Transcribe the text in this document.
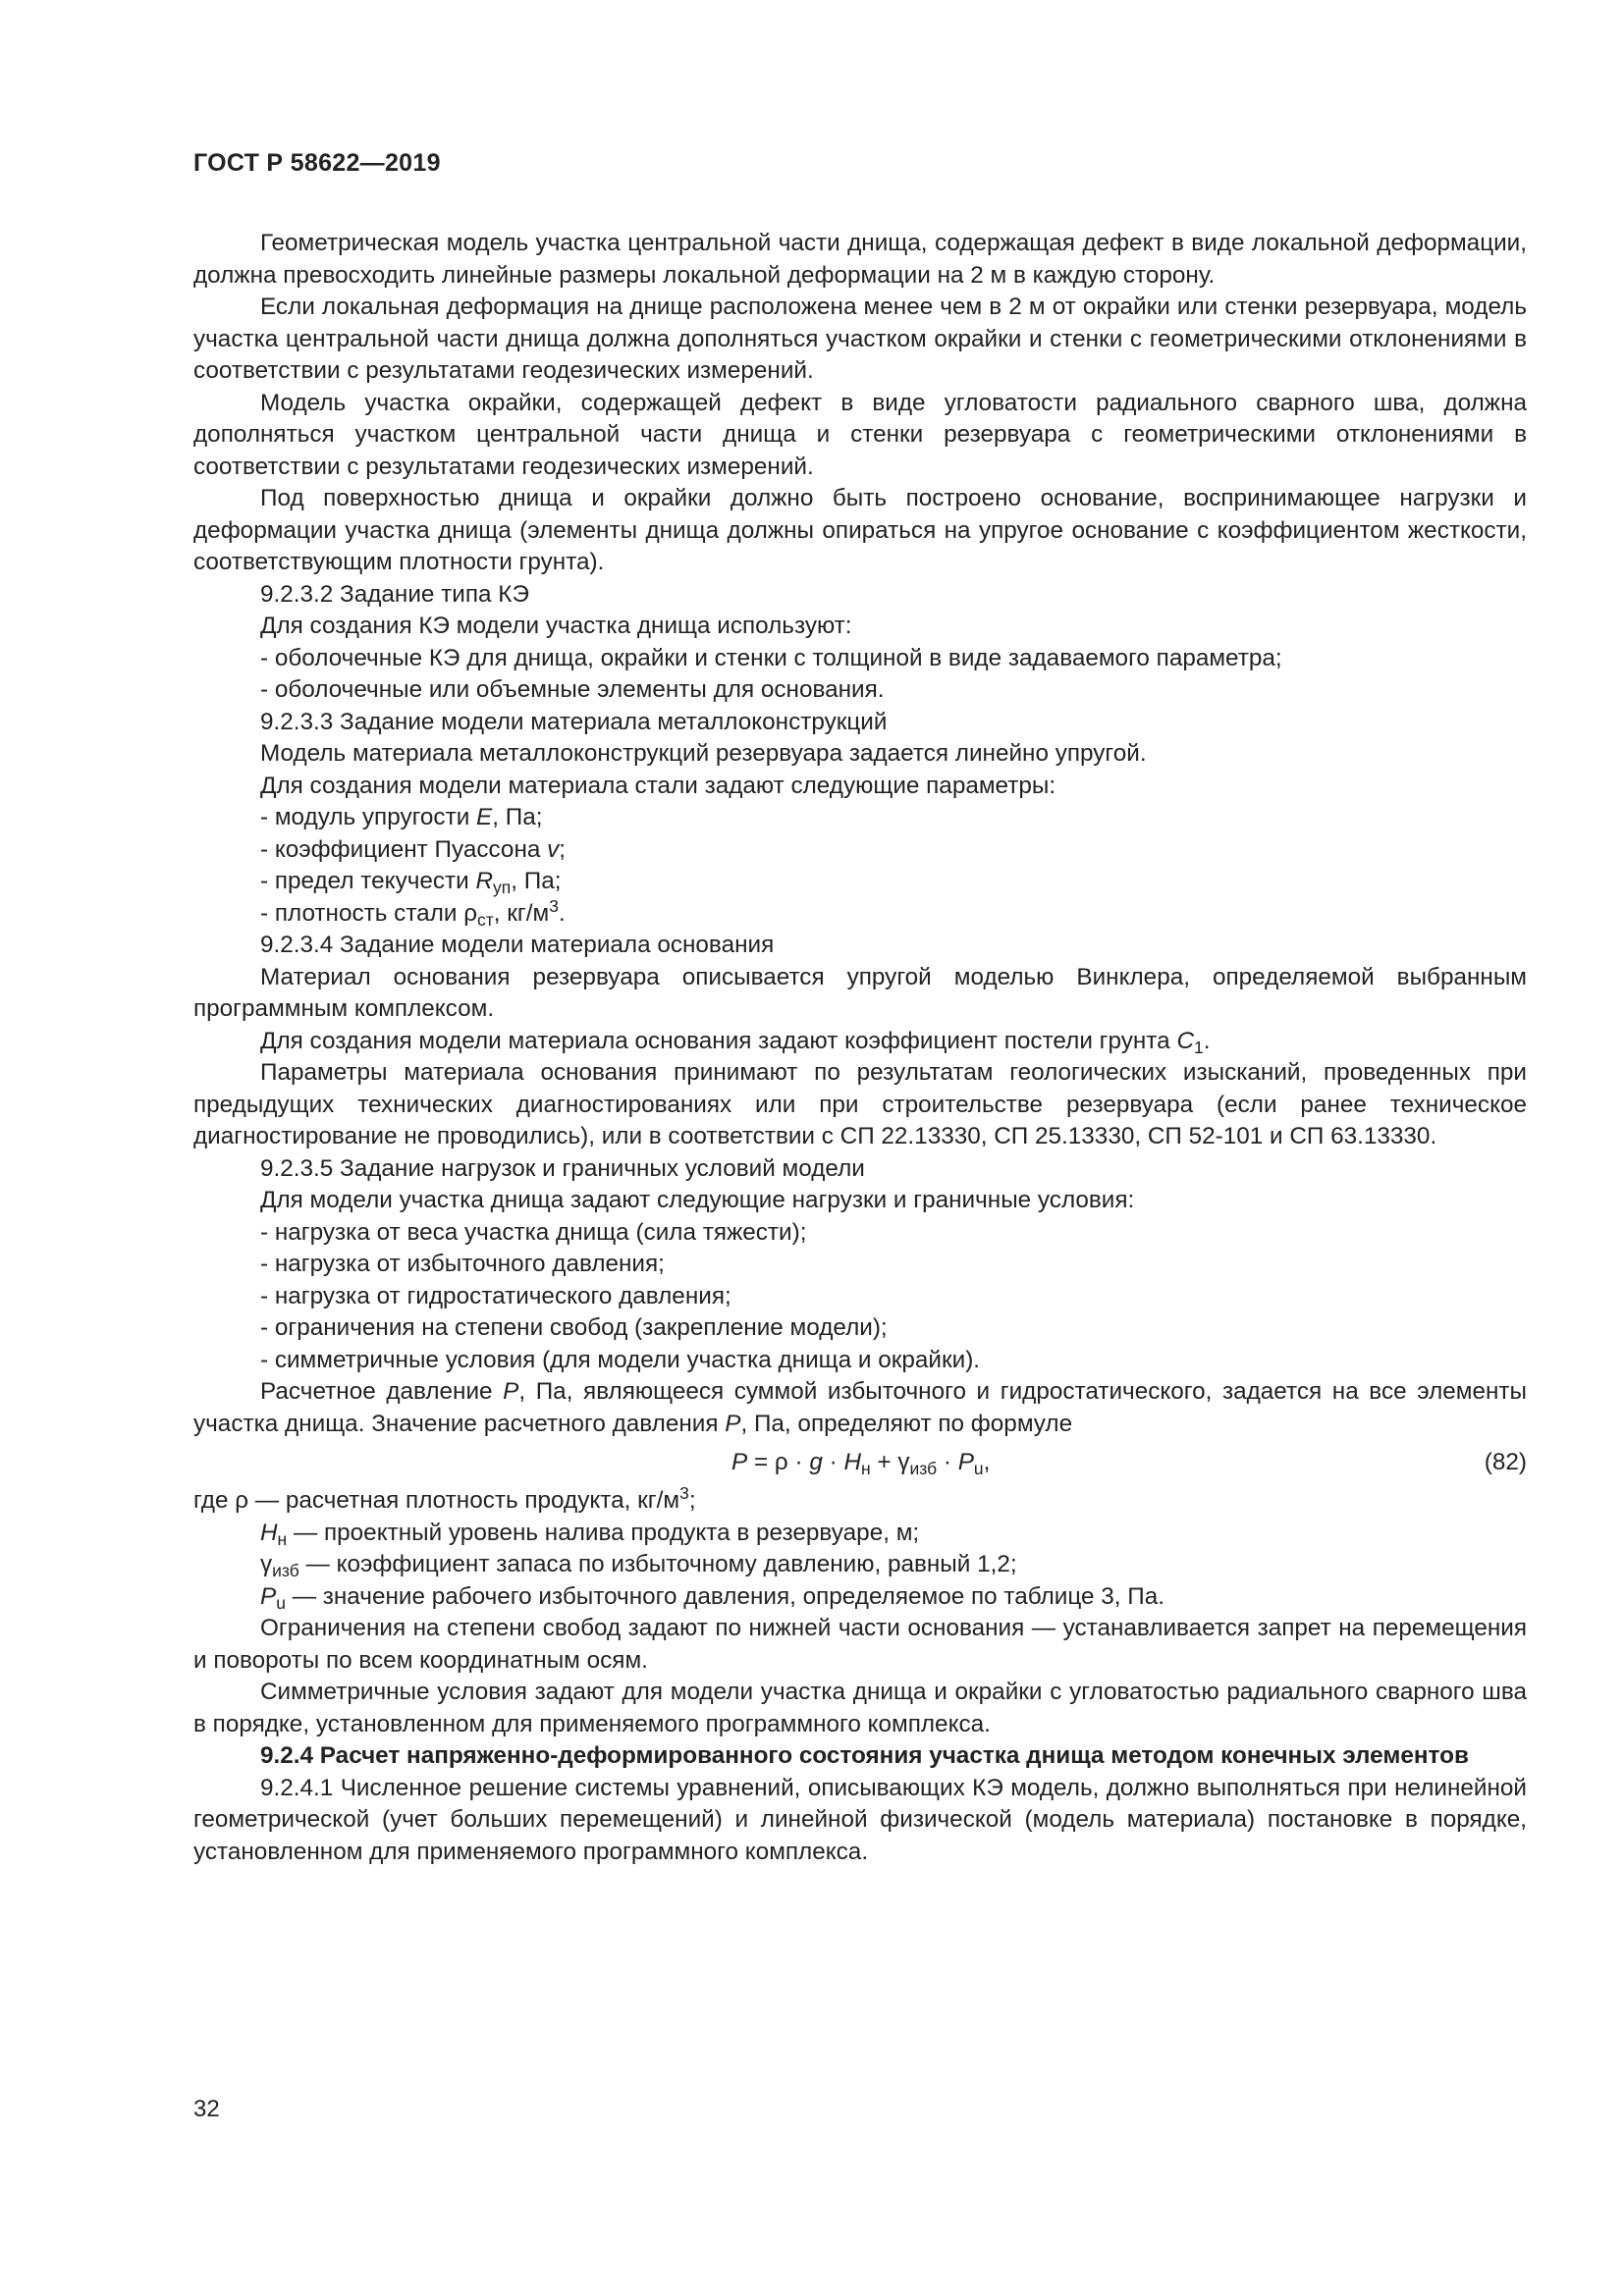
ГОСТ Р 58622—2019

Геометрическая модель участка центральной части днища, содержащая дефект в виде локальной деформации, должна превосходить линейные размеры локальной деформации на 2 м в каждую сторону.

Если локальная деформация на днище расположена менее чем в 2 м от окрайки или стенки резервуара, модель участка центральной части днища должна дополняться участком окрайки и стенки с геометрическими отклонениями в соответствии с результатами геодезических измерений.

Модель участка окрайки, содержащей дефект в виде угловатости радиального сварного шва, должна дополняться участком центральной части днища и стенки резервуара с геометрическими отклонениями в соответствии с результатами геодезических измерений.

Под поверхностью днища и окрайки должно быть построено основание, воспринимающее нагрузки и деформации участка днища (элементы днища должны опираться на упругое основание с коэффициентом жесткости, соответствующим плотности грунта).

9.2.3.2 Задание типа КЭ

Для создания КЭ модели участка днища используют:

- оболочечные КЭ для днища, окрайки и стенки с толщиной в виде задаваемого параметра;

- оболочечные или объемные элементы для основания.

9.2.3.3 Задание модели материала металлоконструкций

Модель материала металлоконструкций резервуара задается линейно упругой.

Для создания модели материала стали задают следующие параметры:

- модуль упругости E, Па;

- коэффициент Пуассона v;

- предел текучести $R_{уп}$, Па;

- плотность стали $\rho_{ст}$, $кг/м^3$.

9.2.3.4 Задание модели материала основания

Материал основания резервуара описывается упругой моделью Винклера, определяемой выбранным программным комплексом.

Для создания модели материала основания задают коэффициент постели грунта $C_1$.

Параметры материала основания принимают по результатам геологических изысканий, проведенных при предыдущих технических диагностированиях или при строительстве резервуара (если ранее техническое диагностирование не проводились), или в соответствии с СП 22.13330, СП 25.13330, СП 52-101 и СП 63.13330.

9.2.3.5 Задание нагрузок и граничных условий модели

Для модели участка днища задают следующие нагрузки и граничные условия:

- нагрузка от веса участка днища (сила тяжести);

- нагрузка от избыточного давления;

- нагрузка от гидростатического давления;

- ограничения на степени свобод (закрепление модели);

- симметричные условия (для модели участка днища и окрайки).

Расчетное давление P, Па, являющееся суммой избыточного и гидростатического, задается на все элементы участка днища. Значение расчетного давления P, Па, определяют по формуле

$P = \rho \cdot g \cdot H_н + \gamma_{изб} \cdot P_u$,	(82)

где ρ — расчетная плотность продукта, $кг/м^3$;

$H_н$ — проектный уровень налива продукта в резервуаре, м;

$\gamma_{изб}$ — коэффициент запаса по избыточному давлению, равный 1,2;

$P_u$ — значение рабочего избыточного давления, определяемое по таблице 3, Па.

Ограничения на степени свобод задают по нижней части основания — устанавливается запрет на перемещения и повороты по всем координатным осям.

Симметричные условия задают для модели участка днища и окрайки с угловатостью радиального сварного шва в порядке, установленном для применяемого программного комплекса.

9.2.4 Расчет напряженно-деформированного состояния участка днища методом конечных элементов

9.2.4.1 Численное решение системы уравнений, описывающих КЭ модель, должно выполняться при нелинейной геометрической (учет больших перемещений) и линейной физической (модель материала) постановке в порядке, установленном для применяемого программного комплекса.

32
